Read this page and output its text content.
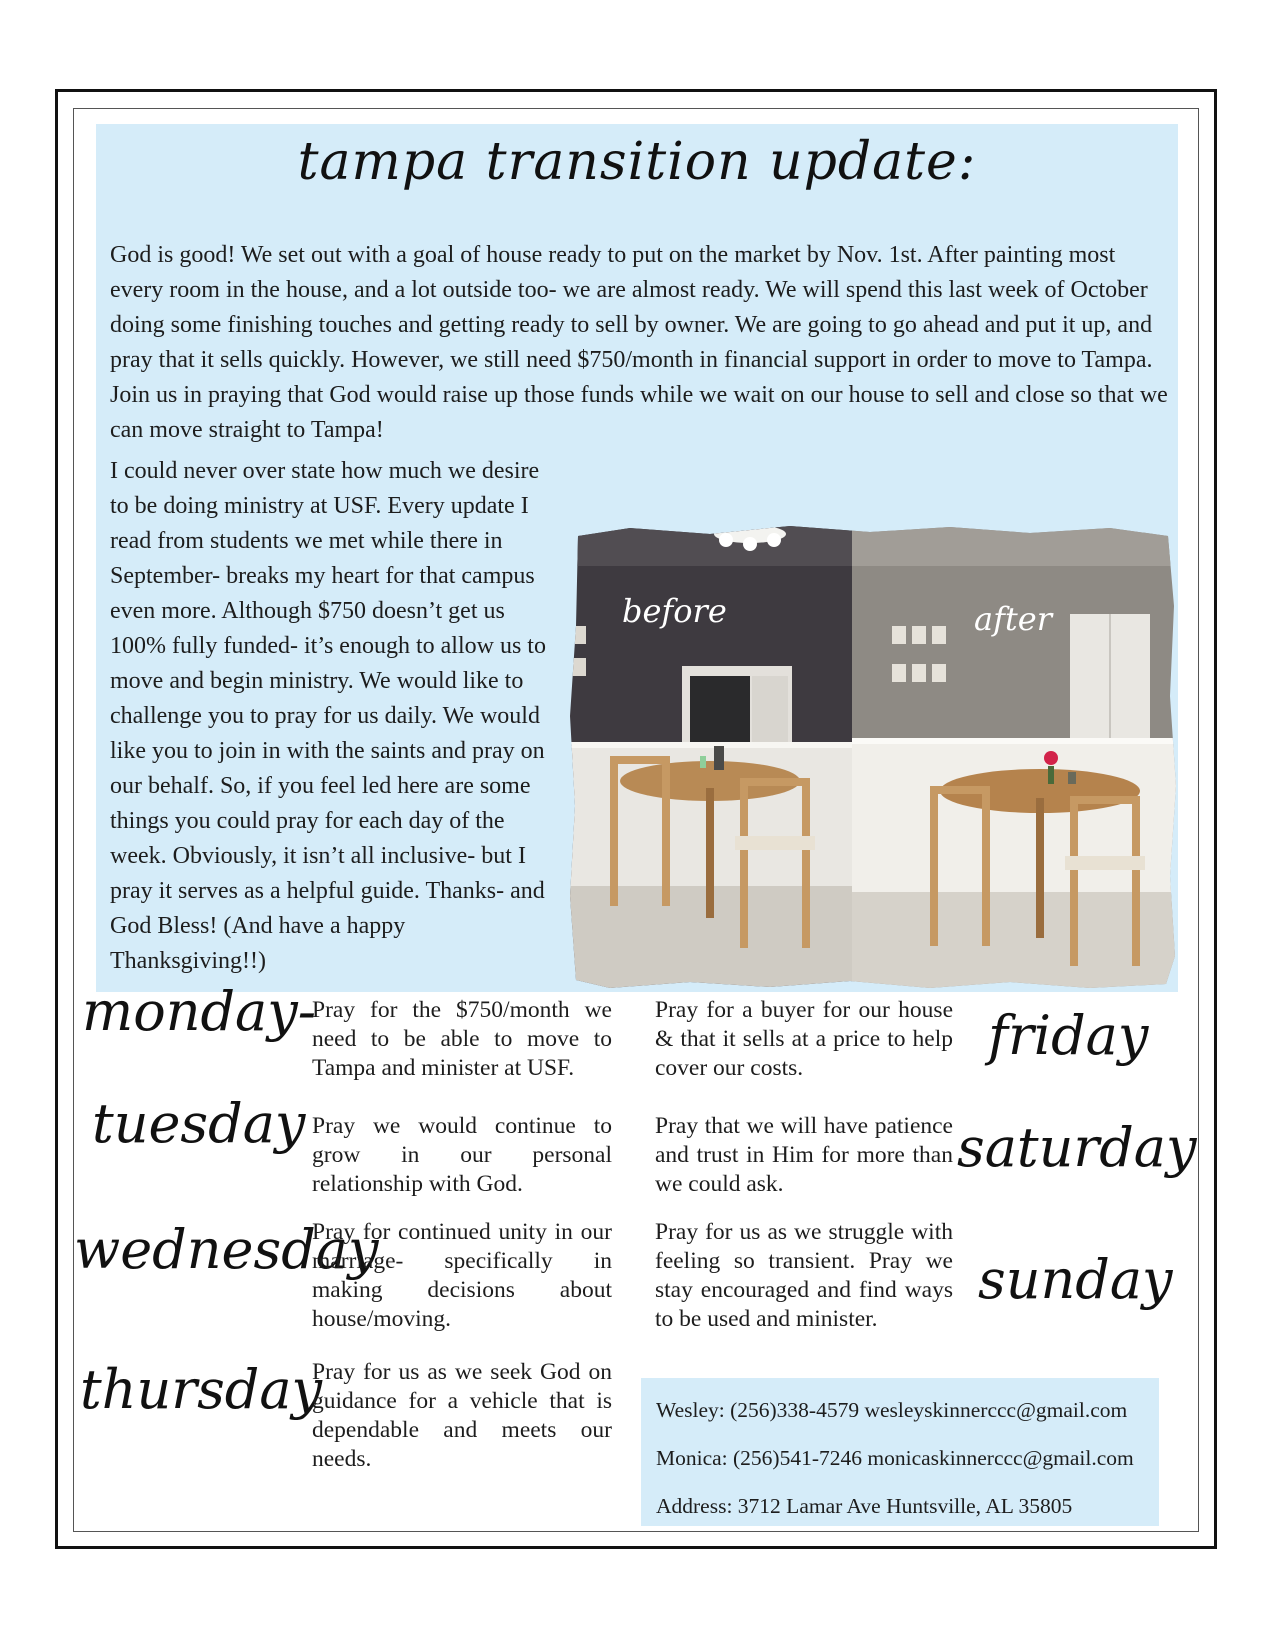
tampa transition update:

God is good! We set out with a goal of house ready to put on the market by Nov. 1st. After painting most every room in the house, and a lot outside too- we are almost ready. We will spend this last week of October doing some finishing touches and getting ready to sell by owner. We are going to go ahead and put it up, and pray that it sells quickly. However, we still need $750/month in financial support in order to move to Tampa. Join us in praying that God would raise up those funds while we wait on our house to sell and close so that we can move straight to Tampa!

I could never over state how much we desire to be doing ministry at USF. Every update I read from students we met while there in September- breaks my heart for that campus even more. Although $750 doesn’t get us 100% fully funded- it’s enough to allow us to move and begin ministry. We would like to challenge you to pray for us daily. We would like you to join in with the saints and pray on our behalf. So, if you feel led here are some things you could pray for each day of the week. Obviously, it isn’t all inclusive- but I pray it serves as a helpful guide. Thanks- and God Bless! (And have a happy Thanksgiving!!)

before	after

monday-

Pray for the $750/month we need to be able to move to Tampa and minister at USF.

tuesday Pray we would continue to grow in our personal relationship with God.

wednesday

Pray for continued unity in our marriage- specifically in making decisions about house/moving.

thursday

Pray for us as we seek God on guidance for a vehicle that is dependable and meets our needs.

Pray for a buyer for our house & that it sells at a price to help cover our costs.

friday

Pray that we will have patience and trust in Him for more than we could ask.

saturday

Pray for us as we struggle with feeling so transient. Pray we stay encouraged and find ways to be used and minister.

sunday

Wesley: (256)338-4579 wesleyskinnerccc@gmail.com

Monica: (256)541-7246 monicaskinnerccc@gmail.com

Address: 3712 Lamar Ave Huntsville, AL 35805
